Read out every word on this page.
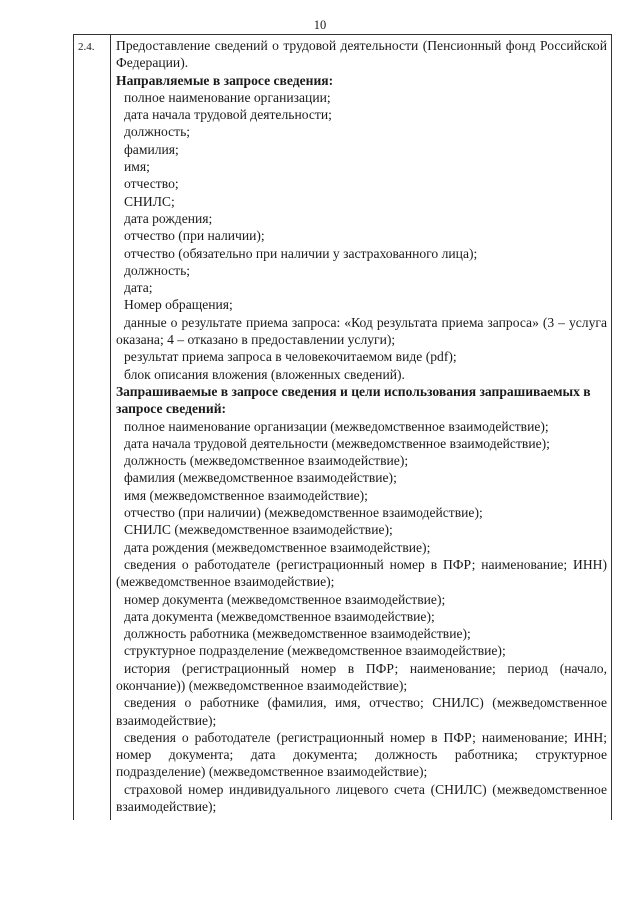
10
2.4. Предоставление сведений о трудовой деятельности (Пенсионный фонд Российской Федерации).

Направляемые в запросе сведения:

полное наименование организации;

дата начала трудовой деятельности;

должность;

фамилия;

имя;

отчество;

СНИЛС;

дата рождения;

отчество (при наличии);

отчество (обязательно при наличии у застрахованного лица);

должность;

дата;

Номер обращения;

данные о результате приема запроса: «Код результата приема запроса» (3 – услуга оказана; 4 – отказано в предоставлении услуги);

результат приема запроса в человекочитаемом виде (pdf);

блок описания вложения (вложенных сведений).

Запрашиваемые в запросе сведения и цели использования запрашиваемых в запросе сведений:

полное наименование организации (межведомственное взаимодействие);

дата начала трудовой деятельности (межведомственное взаимодействие);

должность (межведомственное взаимодействие);

фамилия (межведомственное взаимодействие);

имя (межведомственное взаимодействие);

отчество (при наличии) (межведомственное взаимодействие);

СНИЛС (межведомственное взаимодействие);

дата рождения (межведомственное взаимодействие);

сведения о работодателе (регистрационный номер в ПФР; наименование; ИНН) (межведомственное взаимодействие);

номер документа (межведомственное взаимодействие);

дата документа (межведомственное взаимодействие);

должность работника (межведомственное взаимодействие);

структурное подразделение (межведомственное взаимодействие);

история (регистрационный номер в ПФР; наименование; период (начало, окончание)) (межведомственное взаимодействие);

сведения о работнике (фамилия, имя, отчество; СНИЛС) (межведомственное взаимодействие);

сведения о работодателе (регистрационный номер в ПФР; наименование; ИНН; номер документа; дата документа; должность работника; структурное подразделение) (межведомственное взаимодействие);

страховой номер индивидуального лицевого счета (СНИЛС) (межведомственное взаимодействие);
